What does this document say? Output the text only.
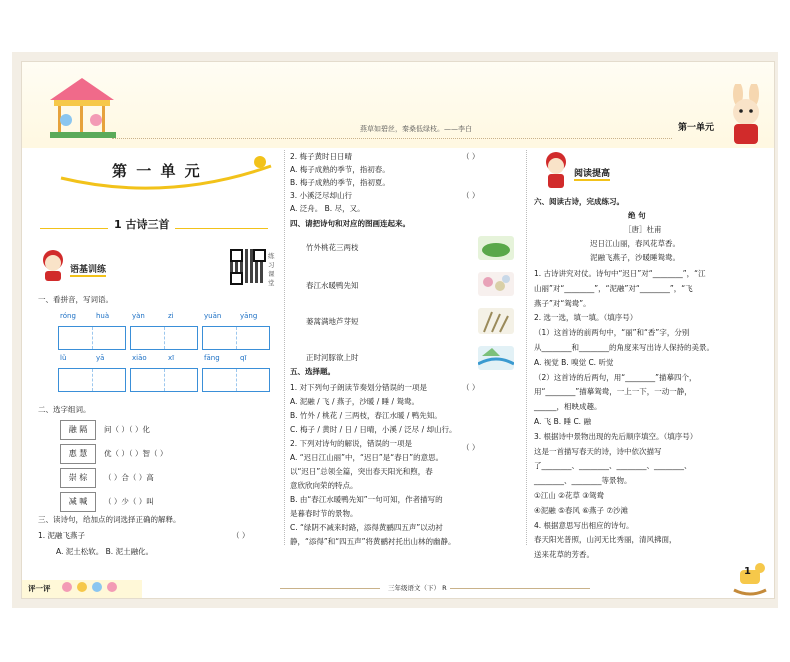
燕草如碧丝，秦桑低绿枝。——李白	第一单元
第 一 单 元
1 古诗三首
语基训练
练习课堂
一、看拼音，写词语。
róng	huà	yàn	zi	yuān	yāng
lǔ	yā	xiāo	xī	fāng	qī
二、选字组词。
融 隔	问（ ）（ ）化
惠 慧	优（ ）（ ）智（ ）
崇 棕	（ ）合（ ）高
减 喊	（ ）少（ ）叫
三、读诗句，给加点的词选择正确的解释。
1. 泥融飞燕子	（ ）
A. 泥土松软。 B. 泥土融化。
2. 梅子黄时日日晴
A. 梅子成熟的季节，指初春。
B. 梅子成熟的季节，指初夏。
3. 小溪泛尽却山行
A. 泛舟。 B. 尽，又。
四、请把诗句和对应的图画连起来。
（ ）
（ ）
竹外桃花三两枝
春江水暖鸭先知
蒌蒿满地芦芽短
正时河豚欲上时
五、选择题。
1. 对下列句子朗读节奏划分错误的一项是
A. 泥融 / 飞 / 燕子，沙暖 / 睡 / 鸳鸯。
B. 竹外 / 桃花 / 三两枝，春江水暖 / 鸭先知。
C. 梅子 / 黄时 / 日 / 日晴，小溪 / 泛尽 / 却山行。
2. 下列对诗句的解说，错误的一项是
A. “迟日江山丽”中，“迟日”是“春日”的意思。
以“迟日”总领全篇，突出春天阳光和煦，春
意欣欣向荣的特点。
B. 由“春江水暖鸭先知”一句可知，作者描写的
是暮春时节的景物。
C. “绿阴不减来时路，添得黄鹂四五声”以动衬
静，“添得”和“四五声”将黄鹂衬托出山林的幽静。
（ ）
（ ）
阅读提高
六、阅读古诗，完成练习。
绝 句
［唐］杜甫
迟日江山丽，春风花草香。
泥融飞燕子，沙暖睡鸳鸯。
1. 古诗讲究对仗。诗句中“迟日”对“________”，“江
山丽”对“________”，“泥融”对“________”，“飞
燕子”对“鸳鸯”。
2. 选一选，填一填。（填序号）
（1）这首诗的前两句中，“丽”和“香”字，分别
从________和________的角度来写出诗人保持的美景。
A. 视觉 B. 嗅觉 C. 听觉
（2）这首诗的后两句，用“________”描摹四个，
用“________”描摹鸳鸯，一上一下，一动一静，
______，相映成趣。
A. 飞 B. 睡 C. 融
3. 根据诗中景物出现的先后顺序填空。（填序号）
这是一首描写春天的诗，诗中依次描写
了________、________、________、________、
________、________等景物。
①江山 ②花草 ③鸳鸯
④泥融 ⑤春风 ⑥燕子 ⑦沙滩
4. 根据意思写出相应的诗句。
春天阳光普照，山河无比秀丽，清风拂面，
送来花草的芳香。
评一评	三年级语文（下） R
1
